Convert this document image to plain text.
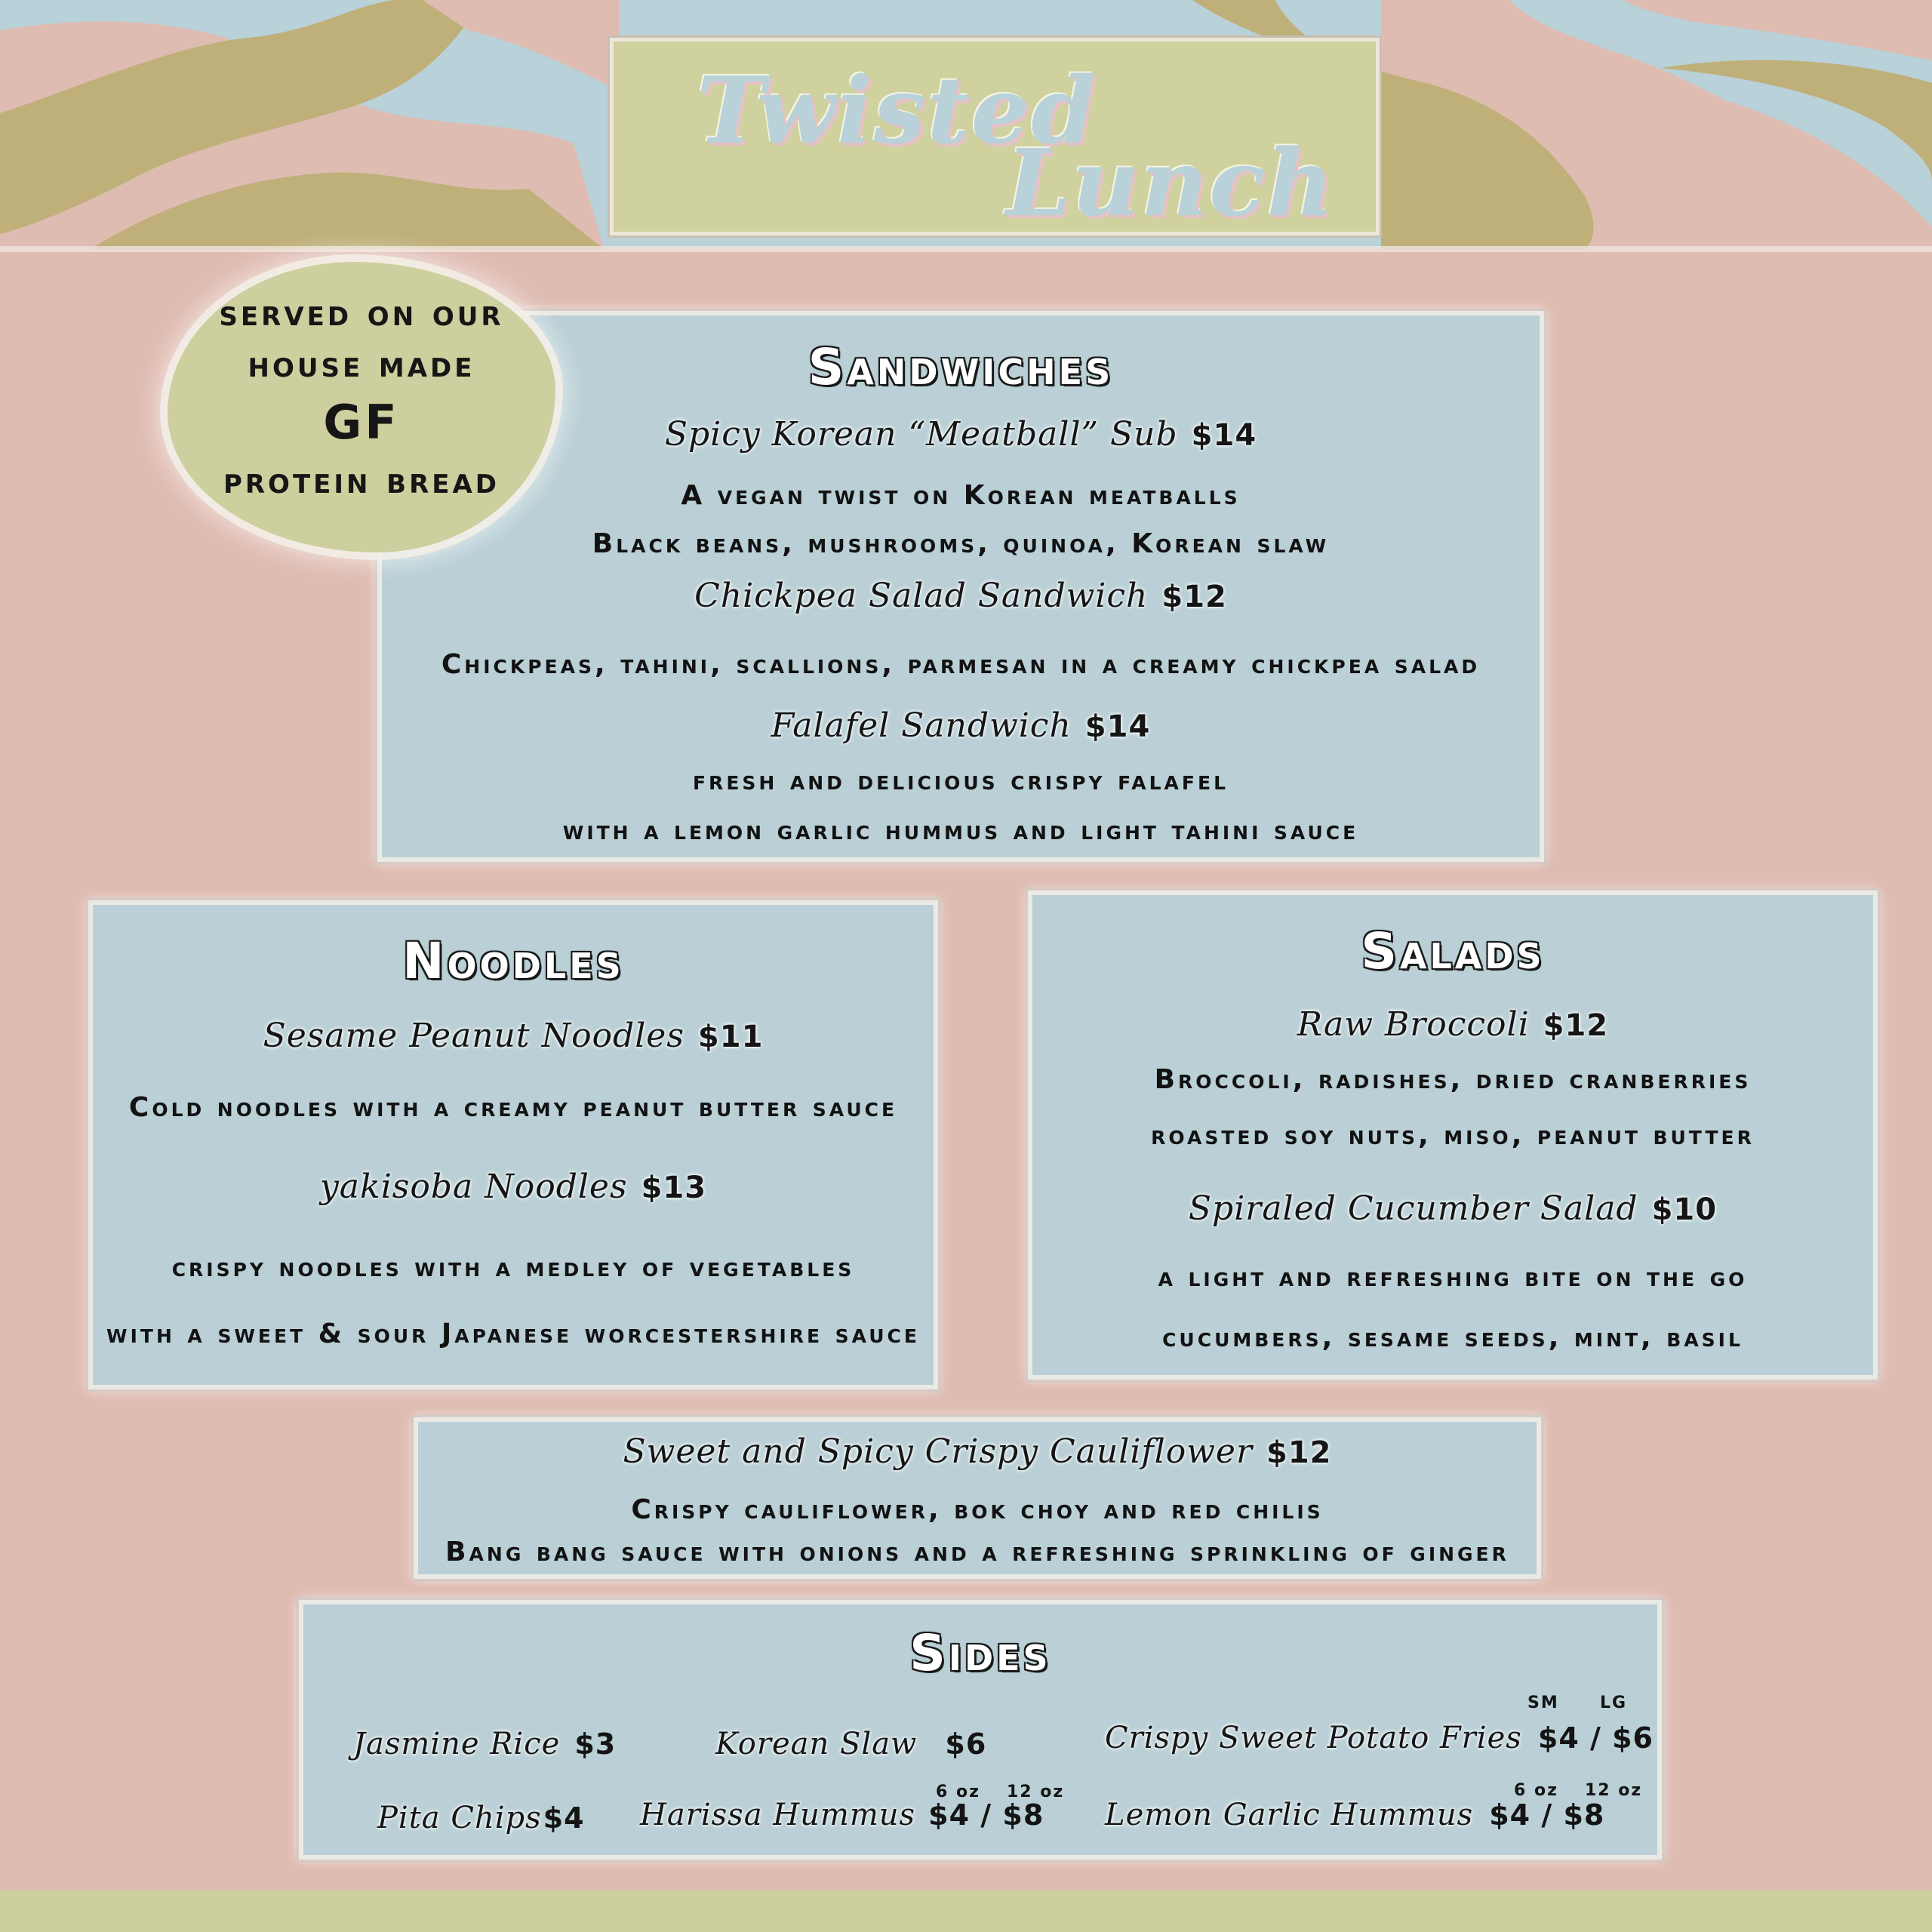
Twisted
Lunch
Sandwiches
Spicy Korean “Meatball” Sub $14
A vegan twist on Korean meatballs
Black beans, mushrooms, quinoa, Korean slaw
Chickpea Salad Sandwich $12
Chickpeas, tahini, scallions, parmesan in a creamy chickpea salad
Falafel Sandwich $14
fresh and delicious crispy falafel
with a lemon garlic hummus and light tahini sauce
served on our
house made
GF
protein bread
Noodles
Sesame Peanut Noodles $11
Cold noodles with a creamy peanut butter sauce
yakisoba Noodles $13
crispy noodles with a medley of vegetables
with a sweet & sour Japanese worcestershire sauce
Salads
Raw Broccoli $12
Broccoli, radishes, dried cranberries
roasted soy nuts, miso, peanut butter
Spiraled Cucumber Salad $10
a light and refreshing bite on the go
cucumbers, sesame seeds, mint, basil
Sweet and Spicy Crispy Cauliflower $12
Crispy cauliflower, bok choy and red chilis
Bang bang sauce with onions and a refreshing sprinkling of ginger
Sides
Jasmine Rice $3	Korean Slaw $6	Crispy Sweet Potato Fries $4 / $6
SM LG
Pita Chips$4 Harissa Hummus $4 / $8
6 oz 12 oz
Lemon Garlic Hummus $4 / $8
6 oz 12 oz
